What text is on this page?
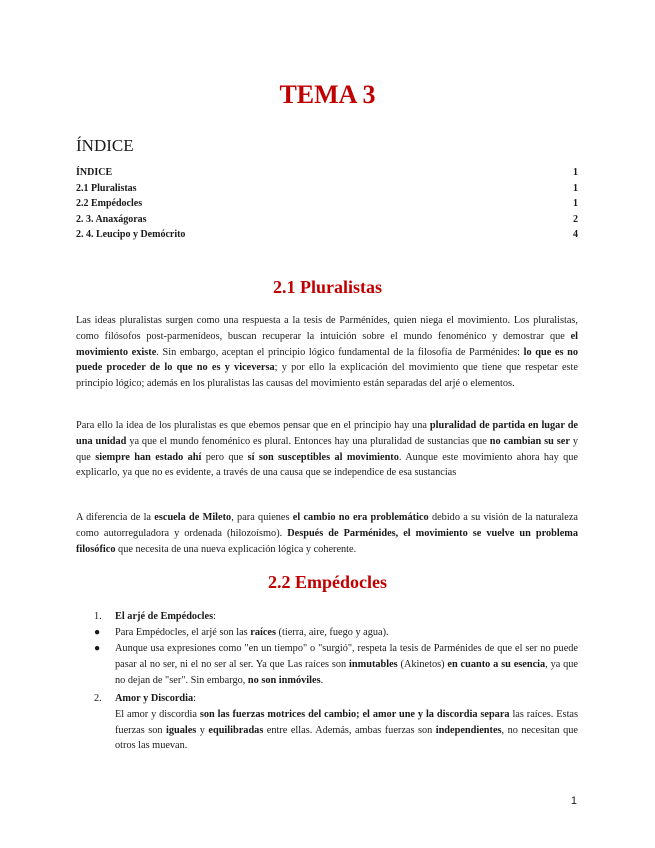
TEMA 3
ÍNDICE
ÍNDICE	1
2.1 Pluralistas	1
2.2 Empédocles	1
2. 3. Anaxágoras	2
2. 4. Leucipo y Demócrito	4
2.1 Pluralistas

Las ideas pluralistas surgen como una respuesta a la tesis de Parménides, quien niega el movimiento. Los pluralistas, como filósofos post-parmenídeos, buscan recuperar la intuición sobre el mundo fenoménico y demostrar que el movimiento existe. Sin embargo, aceptan el principio lógico fundamental de la filosofía de Parménides: lo que es no puede proceder de lo que no es y viceversa; y por ello la explicación del movimiento que tiene que respetar este principio lógico; además en los pluralistas las causas del movimiento están separadas del arjé o elementos.

Para ello la idea de los pluralistas es que ebemos pensar que en el principio hay una pluralidad de partida en lugar de una unidad ya que el mundo fenoménico es plural. Entonces hay una pluralidad de sustancias que no cambian su ser y que siempre han estado ahí pero que sí son susceptibles al movimiento. Aunque este movimiento ahora hay que explicarlo, ya que no es evidente, a través de una causa que se independice de esa sustancias

A diferencia de la escuela de Mileto, para quienes el cambio no era problemático debido a su visión de la naturaleza como autorreguladora y ordenada (hilozoísmo). Después de Parménides, el movimiento se vuelve un problema filosófico que necesita de una nueva explicación lógica y coherente.

2.2 Empédocles
1.	El arjé de Empédocles:
● Para Empédocles, el arjé son las raíces (tierra, aire, fuego y agua).
● Aunque usa expresiones como "en un tiempo" o "surgió", respeta la tesis de Parménides de que el ser no puede pasar al no ser, ni el no ser al ser. Ya que Las raíces son inmutables (Akinetos) en cuanto a su esencia, ya que no dejan de "ser". Sin embargo, no son inmóviles.
2.	Amor y Discordia:
El amor y discordia son las fuerzas motrices del cambio; el amor une y la discordia separa las raíces. Estas fuerzas son iguales y equilibradas entre ellas. Además, ambas fuerzas son independientes, no necesitan que otros las muevan.
1
